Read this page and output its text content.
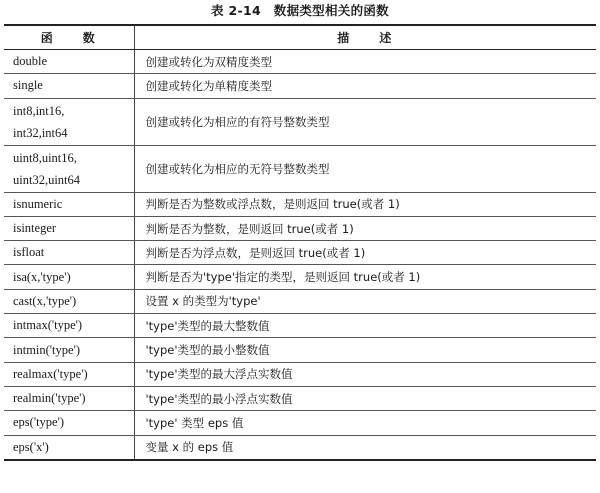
表 2-14　数据类型相关的函数
函　　数	描　　述

double	创建或转化为双精度类型

single	创建或转化为单精度类型

int8,int16,
int32,int64	创建或转化为相应的有符号整数类型

uint8,uint16,
uint32,uint64	创建或转化为相应的无符号整数类型

isnumeric	判断是否为整数或浮点数，是则返回 true(或者 1)

isinteger	判断是否为整数，是则返回 true(或者 1)

isfloat	判断是否为浮点数，是则返回 true(或者 1)

isa(x,'type')	判断是否为'type'指定的类型，是则返回 true(或者 1)

cast(x,'type')	设置 x 的类型为'type'

intmax('type')	'type'类型的最大整数值

intmin('type')	'type'类型的最小整数值

realmax('type')	'type'类型的最大浮点实数值

realmin('type')	'type'类型的最小浮点实数值

eps('type')	'type' 类型 eps 值

eps('x')	变量 x 的 eps 值
